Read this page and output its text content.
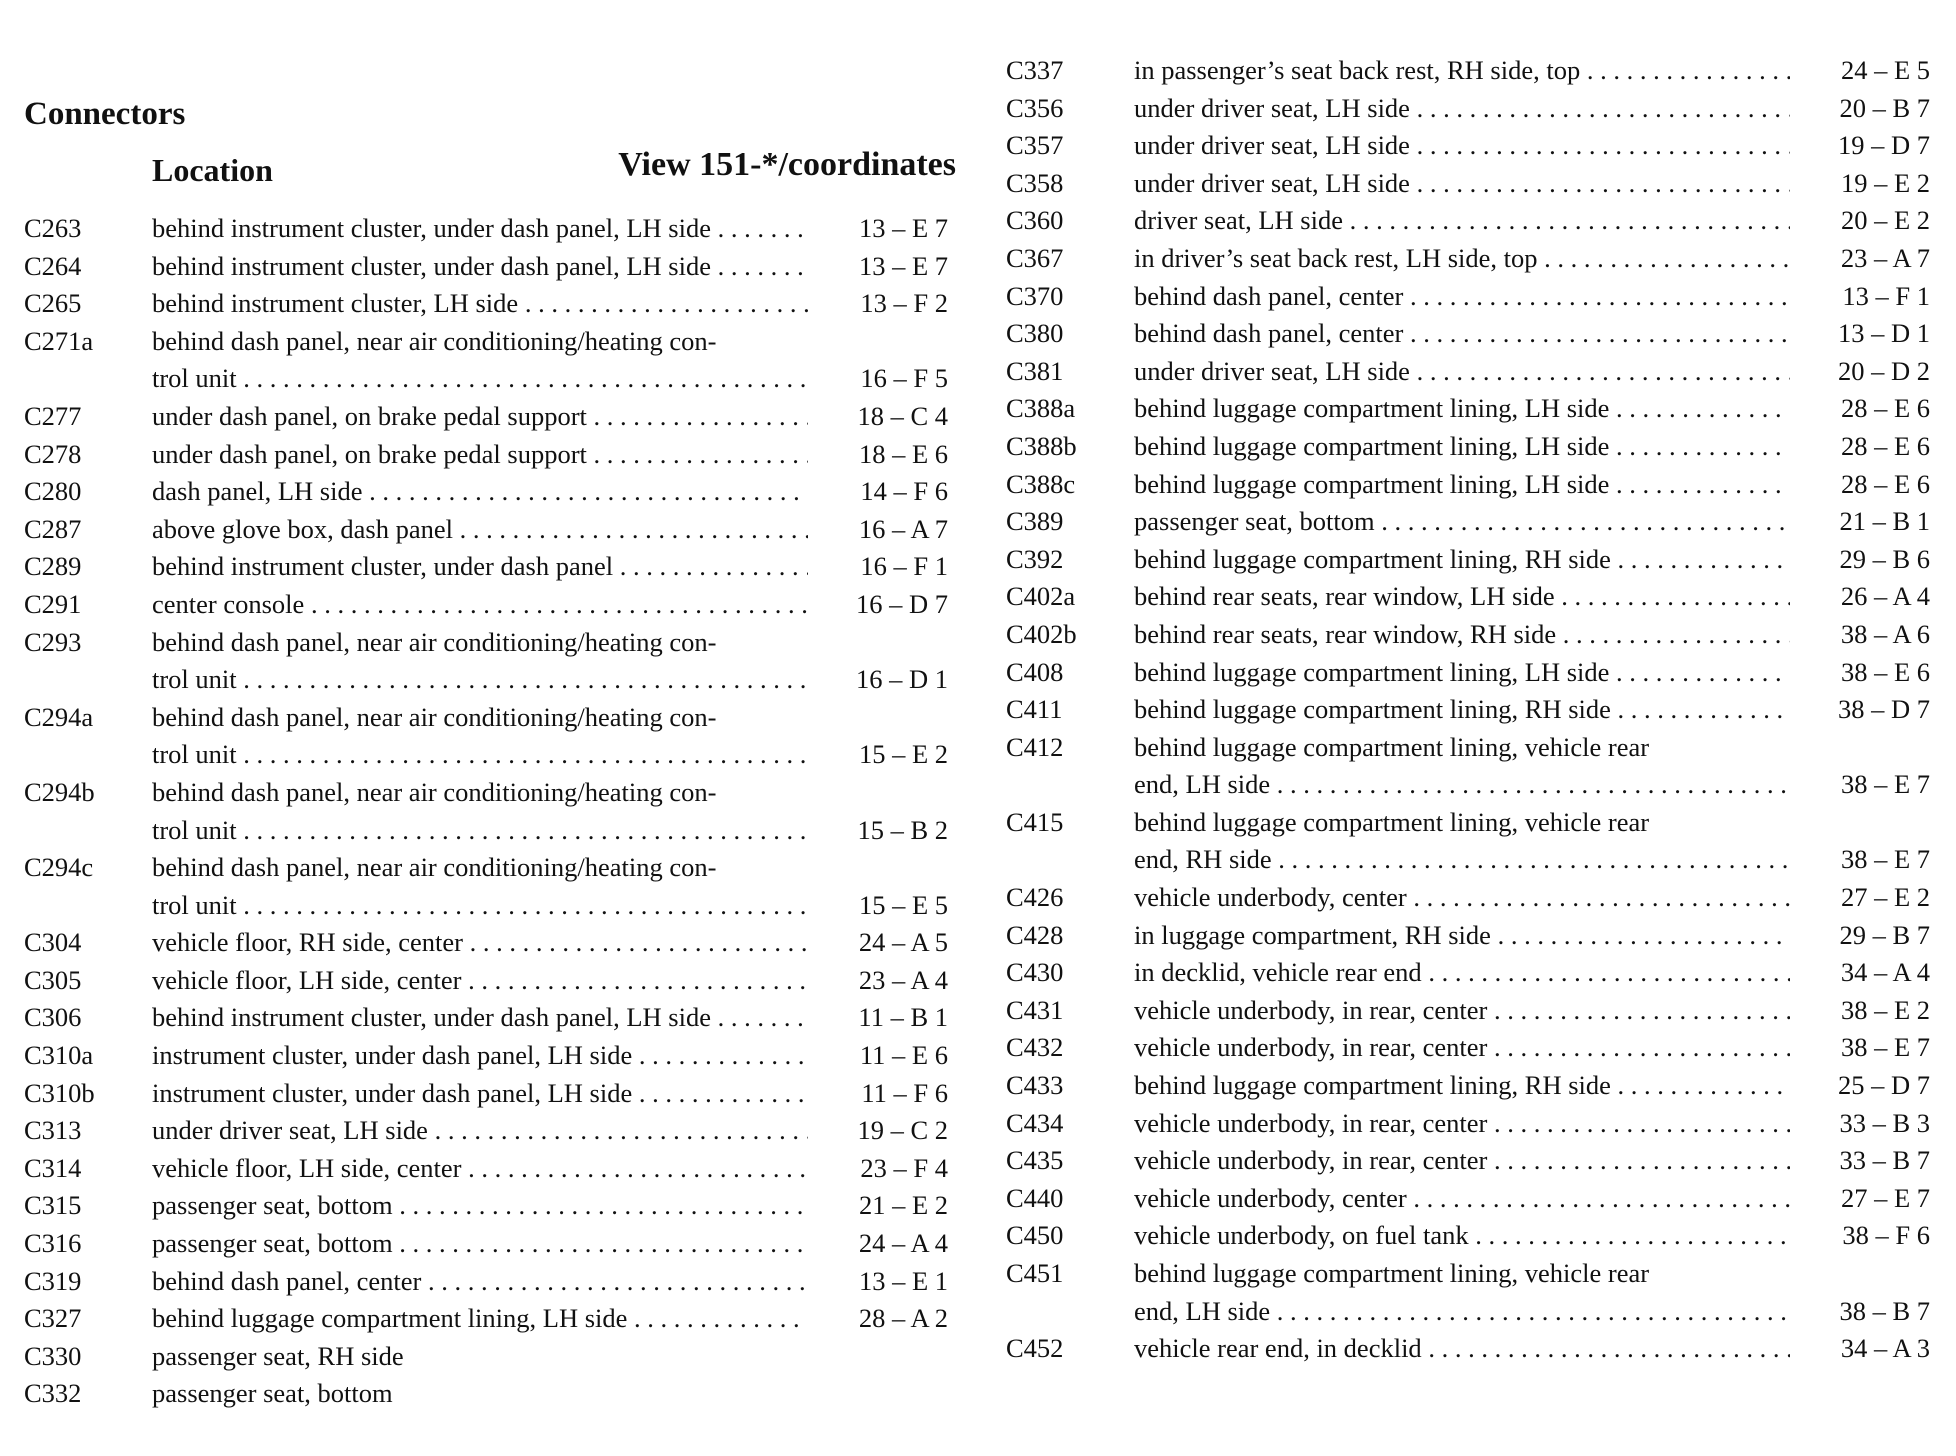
Connectors
Location	View 151-*/coordinates
C263	behind instrument cluster, under dash panel, LH side . . .	13 – E 7
C264	behind instrument cluster, under dash panel, LH side . . .	13 – E 7
C265	behind instrument cluster, LH side . . .	13 – F 2
C271a	behind dash panel, near air conditioning/heating con-
trol unit . . .	16 – F 5
C277	under dash panel, on brake pedal support . . .	18 – C 4
C278	under dash panel, on brake pedal support . . .	18 – E 6
C280	dash panel, LH side . . .	14 – F 6
C287	above glove box, dash panel . . .	16 – A 7
C289	behind instrument cluster, under dash panel . . .	16 – F 1
C291	center console . . .	16 – D 7
C293	behind dash panel, near air conditioning/heating con-
trol unit . . .	16 – D 1
C294a	behind dash panel, near air conditioning/heating con-
trol unit . . .	15 – E 2
C294b	behind dash panel, near air conditioning/heating con-
trol unit . . .	15 – B 2
C294c	behind dash panel, near air conditioning/heating con-
trol unit . . .	15 – E 5
C304	vehicle floor, RH side, center . . .	24 – A 5
C305	vehicle floor, LH side, center . . .	23 – A 4
C306	behind instrument cluster, under dash panel, LH side . . .	11 – B 1
C310a	instrument cluster, under dash panel, LH side . . .	11 – E 6
C310b	instrument cluster, under dash panel, LH side . . .	11 – F 6
C313	under driver seat, LH side . . .	19 – C 2
C314	vehicle floor, LH side, center . . .	23 – F 4
C315	passenger seat, bottom . . .	21 – E 2
C316	passenger seat, bottom . . .	24 – A 4
C319	behind dash panel, center . . .	13 – E 1
C327	behind luggage compartment lining, LH side . . .	28 – A 2
C330	passenger seat, RH side
C332	passenger seat, bottom
C337	in passenger’s seat back rest, RH side, top . . .	24 – E 5
C356	under driver seat, LH side . . .	20 – B 7
C357	under driver seat, LH side . . .	19 – D 7
C358	under driver seat, LH side . . .	19 – E 2
C360	driver seat, LH side . . .	20 – E 2
C367	in driver’s seat back rest, LH side, top . . .	23 – A 7
C370	behind dash panel, center . . .	13 – F 1
C380	behind dash panel, center . . .	13 – D 1
C381	under driver seat, LH side . . .	20 – D 2
C388a	behind luggage compartment lining, LH side . . .	28 – E 6
C388b	behind luggage compartment lining, LH side . . .	28 – E 6
C388c	behind luggage compartment lining, LH side . . .	28 – E 6
C389	passenger seat, bottom . . .	21 – B 1
C392	behind luggage compartment lining, RH side . . .	29 – B 6
C402a	behind rear seats, rear window, LH side . . .	26 – A 4
C402b	behind rear seats, rear window, RH side . . .	38 – A 6
C408	behind luggage compartment lining, LH side . . .	38 – E 6
C411	behind luggage compartment lining, RH side . . .	38 – D 7
C412	behind luggage compartment lining, vehicle rear
end, LH side . . .	38 – E 7
C415	behind luggage compartment lining, vehicle rear
end, RH side . . .	38 – E 7
C426	vehicle underbody, center . . .	27 – E 2
C428	in luggage compartment, RH side . . .	29 – B 7
C430	in decklid, vehicle rear end . . .	34 – A 4
C431	vehicle underbody, in rear, center . . .	38 – E 2
C432	vehicle underbody, in rear, center . . .	38 – E 7
C433	behind luggage compartment lining, RH side . . .	25 – D 7
C434	vehicle underbody, in rear, center . . .	33 – B 3
C435	vehicle underbody, in rear, center . . .	33 – B 7
C440	vehicle underbody, center . . .	27 – E 7
C450	vehicle underbody, on fuel tank . . .	38 – F 6
C451	behind luggage compartment lining, vehicle rear
end, LH side . . .	38 – B 7
C452	vehicle rear end, in decklid . . .	34 – A 3
